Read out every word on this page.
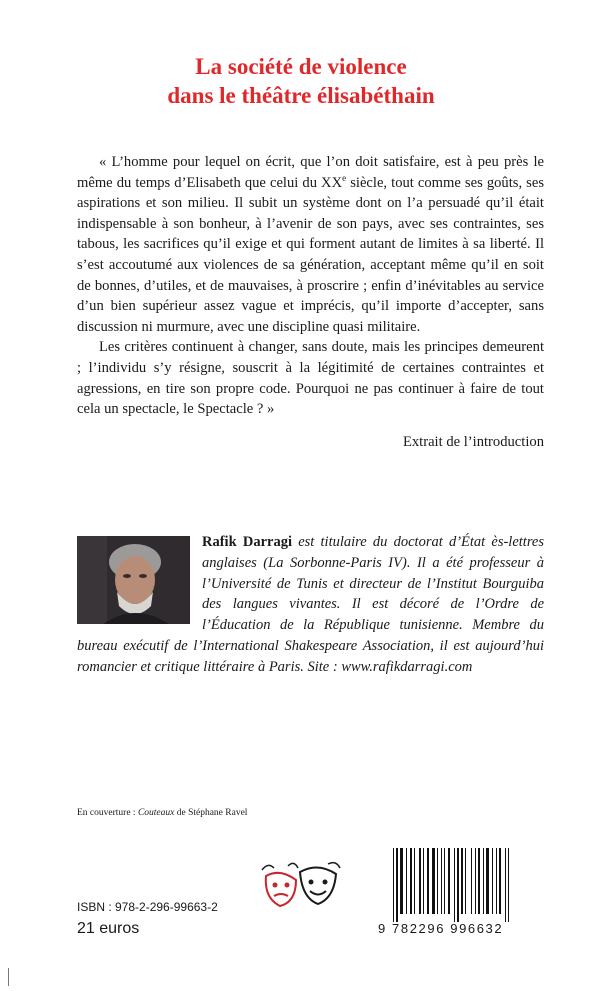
La société de violence
dans le théâtre élisabéthain

« L’homme pour lequel on écrit, que l’on doit satisfaire, est à peu près le même du temps d’Elisabeth que celui du XXe siècle, tout comme ses goûts, ses aspirations et son milieu. Il subit un système dont on l’a persuadé qu’il était indispensable à son bonheur, à l’avenir de son pays, avec ses contraintes, ses tabous, les sacrifices qu’il exige et qui forment autant de limites à sa liberté. Il s’est accoutumé aux violences de sa génération, acceptant même qu’il en soit de bonnes, d’utiles, et de mauvaises, à proscrire ; enfin d’inévitables au service d’un bien supérieur assez vague et imprécis, qu’il importe d’accepter, sans discussion ni murmure, avec une discipline quasi militaire.

Les critères continuent à changer, sans doute, mais les principes demeurent ; l’individu s’y résigne, souscrit à la légitimité de certaines contraintes et agressions, en tire son propre code. Pourquoi ne pas continuer à faire de tout cela un spectacle, le Spectacle ? »

Extrait de l’introduction

Rafik Darragi est titulaire du doctorat d’État ès-lettres anglaises (La Sorbonne-Paris IV). Il a été professeur à l’Université de Tunis et directeur de l’Institut Bourguiba des langues vivantes. Il est décoré de l’Ordre de l’Éducation de la République tunisienne. Membre du bureau exécutif de l’International Shakespeare Association, il est aujourd’hui romancier et critique littéraire à Paris. Site : www.rafikdarragi.com

En couverture : Couteaux de Stéphane Ravel
ISBN : 978-2-296-99663-2
21 euros	9 782296 996632
